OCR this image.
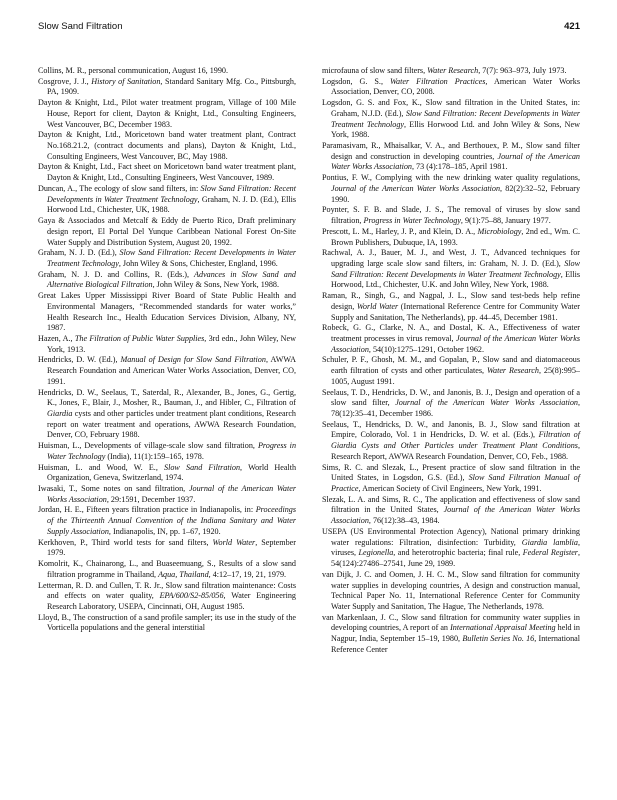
Slow Sand Filtration	421

Collins, M. R., personal communication, August 16, 1990.

Cosgrove, J. J., History of Sanitation, Standard Sanitary Mfg. Co., Pittsburgh, PA, 1909.

Dayton & Knight, Ltd., Pilot water treatment program, Village of 100 Mile House, Report for client, Dayton & Knight, Ltd., Consulting Engineers, West Vancouver, BC, December 1983.

Dayton & Knight, Ltd., Moricetown band water treatment plant, Contract No.168.21.2, (contract documents and plans), Dayton & Knight, Ltd., Consulting Engineers, West Vancouver, BC, May 1988.

Dayton & Knight, Ltd., Fact sheet on Moricetown band water treatment plant, Dayton & Knight, Ltd., Consulting Engineers, West Vancouver, 1989.

Duncan, A., The ecology of slow sand filters, in: Slow Sand Filtration: Recent Developments in Water Treatment Technology, Graham, N. J. D. (Ed.), Ellis Horwood Ltd., Chichester, UK, 1988.

Gaya & Associados and Metcalf & Eddy de Puerto Rico, Draft preliminary design report, El Portal Del Yunque Caribbean National Forest On-Site Water Supply and Distribution System, August 20, 1992.

Graham, N. J. D. (Ed.), Slow Sand Filtration: Recent Developments in Water Treatment Technology, John Wiley & Sons, Chichester, England, 1996.

Graham, N. J. D. and Collins, R. (Eds.), Advances in Slow Sand and Alternative Biological Filtration, John Wiley & Sons, New York, 1988.

Great Lakes Upper Mississippi River Board of State Public Health and Environmental Managers, “Recommended standards for water works,” Health Research Inc., Health Education Services Division, Albany, NY, 1987.

Hazen, A., The Filtration of Public Water Supplies, 3rd edn., John Wiley, New York, 1913.

Hendricks, D. W. (Ed.), Manual of Design for Slow Sand Filtration, AWWA Research Foundation and American Water Works Association, Denver, CO, 1991.

Hendricks, D. W., Seelaus, T., Saterdal, R., Alexander, B., Jones, G., Gertig, K., Jones, F., Blair, J., Mosher, R., Bauman, J., and Hibler, C., Filtration of Giardia cysts and other particles under treatment plant conditions, Research report on water treatment and operations, AWWA Research Foundation, Denver, CO, February 1988.

Huisman, L., Developments of village-scale slow sand filtration, Progress in Water Technology (India), 11(1):159–165, 1978.

Huisman, L. and Wood, W. E., Slow Sand Filtration, World Health Organization, Geneva, Switzerland, 1974.

Iwasaki, T., Some notes on sand filtration, Journal of the American Water Works Association, 29:1591, December 1937.

Jordan, H. E., Fifteen years filtration practice in Indianapolis, in: Proceedings of the Thirteenth Annual Convention of the Indiana Sanitary and Water Supply Association, Indianapolis, IN, pp. 1–67, 1920.

Kerkhoven, P., Third world tests for sand filters, World Water, September 1979.

Komolrit, K., Chainarong, L., and Buaseemuang, S., Results of a slow sand filtration programme in Thailand, Aqua, Thailand, 4:12–17, 19, 21, 1979.

Letterman, R. D. and Cullen, T. R. Jr., Slow sand filtration maintenance: Costs and effects on water quality, EPA/600/S2-85/056, Water Engineering Research Laboratory, USEPA, Cincinnati, OH, August 1985.

Lloyd, B., The construction of a sand profile sampler; its use in the study of the Vorticella populations and the general interstitial

microfauna of slow sand filters, Water Research, 7(7): 963–973, July 1973.

Logsdon, G. S., Water Filtration Practices, American Water Works Association, Denver, CO, 2008.

Logsdon, G. S. and Fox, K., Slow sand filtration in the United States, in: Graham, N.J.D. (Ed.), Slow Sand Filtration: Recent Developments in Water Treatment Technology, Ellis Horwood Ltd. and John Wiley & Sons, New York, 1988.

Paramasivam, R., Mhaisalkar, V. A., and Berthouex, P. M., Slow sand filter design and construction in developing countries, Journal of the American Water Works Association, 73 (4):178–185, April 1981.

Pontius, F. W., Complying with the new drinking water quality regulations, Journal of the American Water Works Association, 82(2):32–52, February 1990.

Poynter, S. F. B. and Slade, J. S., The removal of viruses by slow sand filtration, Progress in Water Technology, 9(1):75–88, January 1977.

Prescott, L. M., Harley, J. P., and Klein, D. A., Microbiology, 2nd ed., Wm. C. Brown Publishers, Dubuque, IA, 1993.

Rachwal, A. J., Bauer, M. J., and West, J. T., Advanced techniques for upgrading large scale slow sand filters, in: Graham, N. J. D. (Ed.), Slow Sand Filtration: Recent Developments in Water Treatment Technology, Ellis Horwood, Ltd., Chichester, U.K. and John Wiley, New York, 1988.

Raman, R., Singh, G., and Nagpal, J. L., Slow sand test-beds help refine design, World Water (International Reference Centre for Community Water Supply and Sanitation, The Netherlands), pp. 44–45, December 1981.

Robeck, G. G., Clarke, N. A., and Dostal, K. A., Effectiveness of water treatment processes in virus removal, Journal of the American Water Works Association, 54(10):1275–1291, October 1962.

Schuler, P. F., Ghosh, M. M., and Gopalan, P., Slow sand and diatomaceous earth filtration of cysts and other particulates, Water Research, 25(8):995–1005, August 1991.

Seelaus, T. D., Hendricks, D. W., and Janonis, B. J., Design and operation of a slow sand filter, Journal of the American Water Works Association, 78(12):35–41, December 1986.

Seelaus, T., Hendricks, D. W., and Janonis, B. J., Slow sand filtration at Empire, Colorado, Vol. 1 in Hendricks, D. W. et al. (Eds.), Filtration of Giardia Cysts and Other Particles under Treatment Plant Conditions, Research Report, AWWA Research Foundation, Denver, CO, Feb., 1988.

Sims, R. C. and Slezak, L., Present practice of slow sand filtration in the United States, in Logsdon, G.S. (Ed.), Slow Sand Filtration Manual of Practice, American Society of Civil Engineers, New York, 1991.

Slezak, L. A. and Sims, R. C., The application and effectiveness of slow sand filtration in the United States, Journal of the American Water Works Association, 76(12):38–43, 1984.

USEPA (US Environmental Protection Agency), National primary drinking water regulations: Filtration, disinfection: Turbidity, Giardia lamblia, viruses, Legionella, and heterotrophic bacteria; final rule, Federal Register, 54(124):27486–27541, June 29, 1989.

van Dijk, J. C. and Oomen, J. H. C. M., Slow sand filtration for community water supplies in developing countries, A design and construction manual, Technical Paper No. 11, International Reference Center for Community Water Supply and Sanitation, The Hague, The Netherlands, 1978.

van Markenlaan, J. C., Slow sand filtration for community water supplies in developing countries, A report of an International Appraisal Meeting held in Nagpur, India, September 15–19, 1980, Bulletin Series No. 16, International Reference Center
